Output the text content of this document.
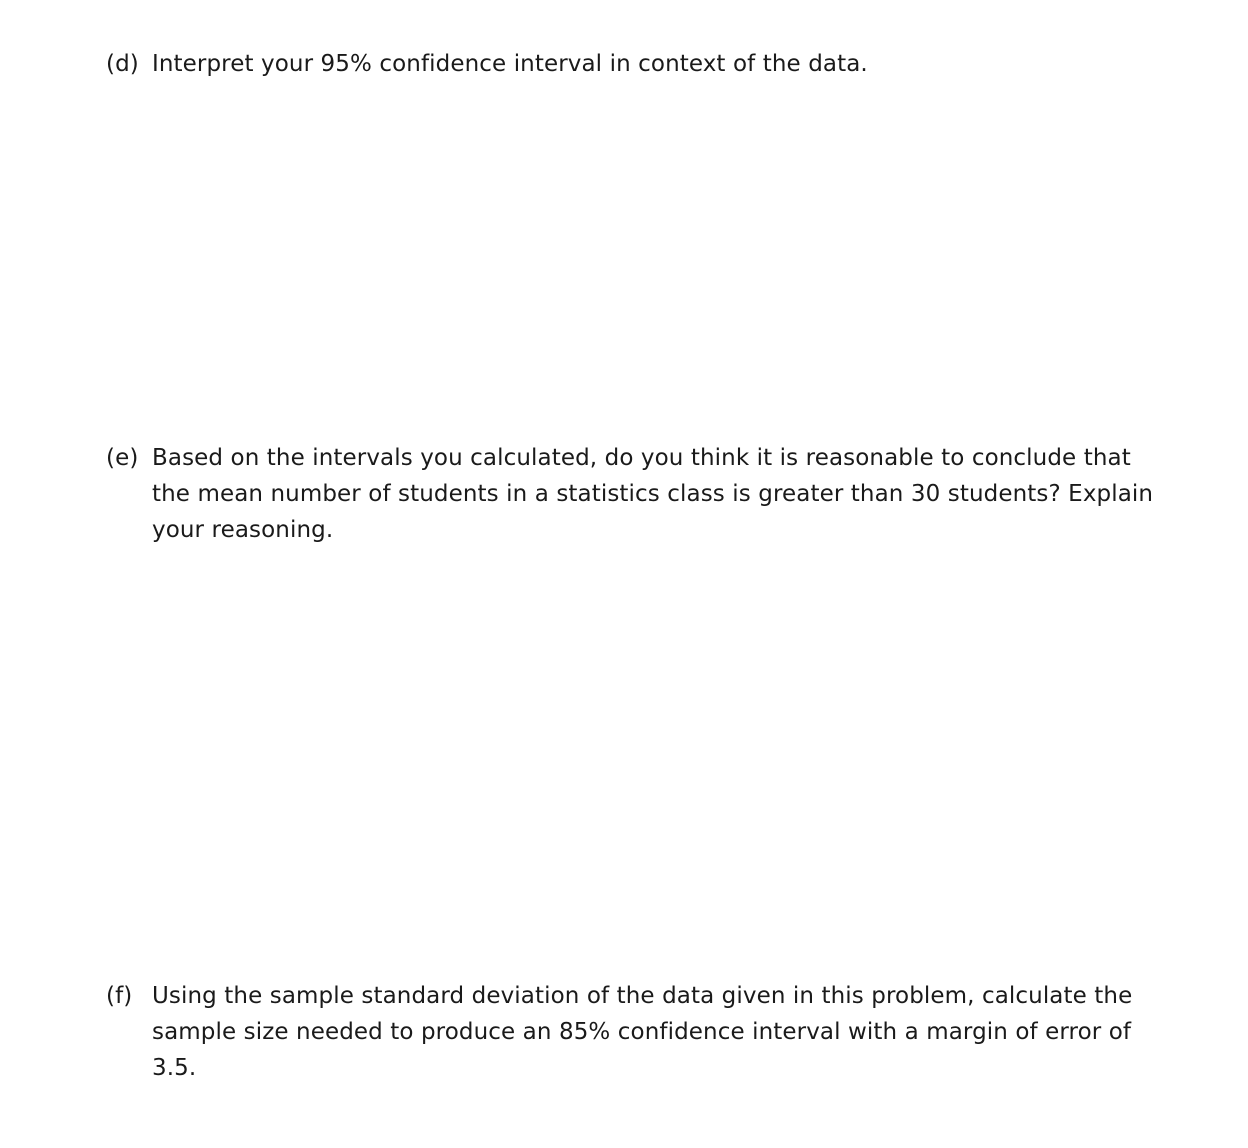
(d) Interpret your 95% confidence interval in context of the data.
(e) Based on the intervals you calculated, do you think it is reasonable to conclude that the mean number of students in a statistics class is greater than 30 students? Explain your reasoning.
(f) Using the sample standard deviation of the data given in this problem, calculate the sample size needed to produce an 85% confidence interval with a margin of error of 3.5.
